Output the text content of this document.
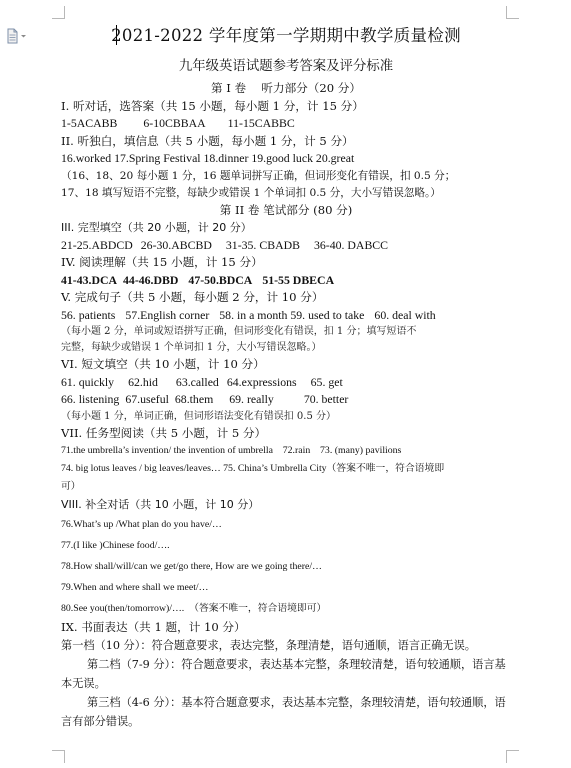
2021-2022 学年度第一学期期中教学质量检测
九年级英语试题参考答案及评分标准
第 I 卷　 听力部分（20 分）
I. 听对话，选答案（共 15 小题，每小题 1 分，计 15 分）
1-5ACABB 6-10CBBAA 11-15CABBC
II. 听独白，填信息（共 5 小题，每小题 1 分，计 5 分）
16.worked 17.Spring Festival 18.dinner 19.good luck 20.great
（16、18、20 每小题 1 分，16 题单词拼写正确，但词形变化有错误，扣 0.5 分；
17、18 填写短语不完整，每缺少或错误 1 个单词扣 0.5 分，大小写错误忽略。）
第 II 卷 笔试部分 (80 分)
III. 完型填空（共 20 小题，计 20 分）
21-25.ABDCD 26-30.ABCBD 31-35. CBADB 36-40. DABCC
IV. 阅读理解（共 15 小题，计 15 分）
41-43.DCA 44-46.DBD 47-50.BDCA 51-55 DBECA
V. 完成句子（共 5 小题，每小题 2 分，计 10 分）
56. patients 57.English corner 58. in a month 59. used to take 60. deal with
（每小题 2 分，单词或短语拼写正确，但词形变化有错误，扣 1 分；填写短语不
完整，每缺少或错误 1 个单词扣 1 分，大小写错误忽略。）
VI. 短文填空（共 10 小题，计 10 分）
61. quickly 62.hid 63.called 64.expressions 65. get
66. listening 67.useful 68.them 69. really	70. better
（每小题 1 分，单词正确，但词形语法变化有错误扣 0.5 分）
VII. 任务型阅读（共 5 小题，计 5 分）
71.the umbrella’s invention/ the invention of umbrella　72.rain　73. (many) pavilions
74. big lotus leaves / big leaves/leaves… 75. China’s Umbrella City（答案不唯一，符合语境即
可）
VIII. 补全对话（共 10 小题，计 10 分）
76.What’s up /What plan do you have/…
77.(I like )Chinese food/….
78.How shall/will/can we get/go there, How are we going there/…
79.When and where shall we meet/…
80.See you(then/tomorrow)/….　（答案不唯一，符合语境即可）
IX. 书面表达（共 1 题，计 10 分）
第一档（10 分）：符合题意要求，表达完整，条理清楚，语句通顺，语言正确无误。
第二档（7-9 分）：符合题意要求，表达基本完整，条理较清楚，语句较通顺，语言基本无误。
第三档（4-6 分）：基本符合题意要求，表达基本完整，条理较清楚，语句较通顺，语言有部分错误。
